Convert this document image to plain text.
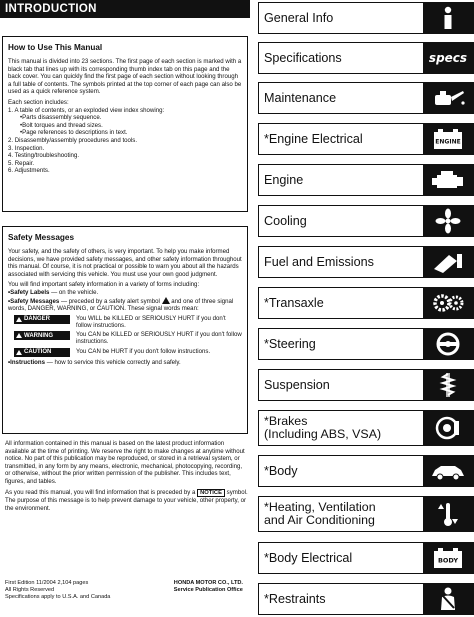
INTRODUCTION
How to Use This Manual

This manual is divided into 23 sections. The first page of each section is marked with a black tab that lines up with its corresponding thumb index tab on this page and the back cover. You can quickly find the first page of each section without looking through a full table of contents. The symbols printed at the top corner of each page can also be used as a quick reference system.

Each section includes:

1. A table of contents, or an exploded view index showing:
• Parts disassembly sequence.
• Bolt torques and thread sizes.
• Page references to descriptions in text.
2. Disassembly/assembly procedures and tools.
3. Inspection.
4. Testing/troubleshooting.
5. Repair.
6. Adjustments.
Safety Messages

Your safety, and the safety of others, is very important. To help you make informed decisions, we have provided safety messages, and other safety information throughout this manual. Of course, it is not practical or possible to warn you about all the hazards associated with servicing this vehicle. You must use your own good judgment.

You will find important safety information in a variety of forms including:

• Safety Labels — on the vehicle.
• Safety Messages — preceded by a safety alert symbol  and one of three signal words, DANGER, WARNING, or CAUTION. These signal words mean:
DANGER	You WILL be KILLED or SERIOUSLY HURT if you don't follow instructions.
WARNING	You CAN be KILLED or SERIOUSLY HURT if you don't follow instructions.
CAUTION	You CAN be HURT if you don't follow instructions.
• Instructions — how to service this vehicle correctly and safely.

All information contained in this manual is based on the latest product information available at the time of printing. We reserve the right to make changes at anytime without notice. No part of this publication may be reproduced, or stored in a retrieval system, or transmitted, in any form by any means, electronic, mechanical, photocopying, recording, or otherwise, without the prior written permission of the publisher. This includes text, figures, and tables.

As you read this manual, you will find information that is preceded by a NOTICE symbol. The purpose of this message is to help prevent damage to your vehicle, other property, or the environment.

First Edition 11/2004 2,104 pages

All Rights Reserved

Specifications apply to U.S.A. and Canada

HONDA MOTOR CO., LTD.

Service Publication Office

General Info
Specifications	specs
Maintenance
*Engine Electrical	ENGINE
Engine
Cooling
Fuel and Emissions
*Transaxle
*Steering
Suspension
*Brakes
(Including ABS, VSA)
*Body
*Heating, Ventilation
and Air Conditioning
*Body Electrical	BODY
*Restraints
